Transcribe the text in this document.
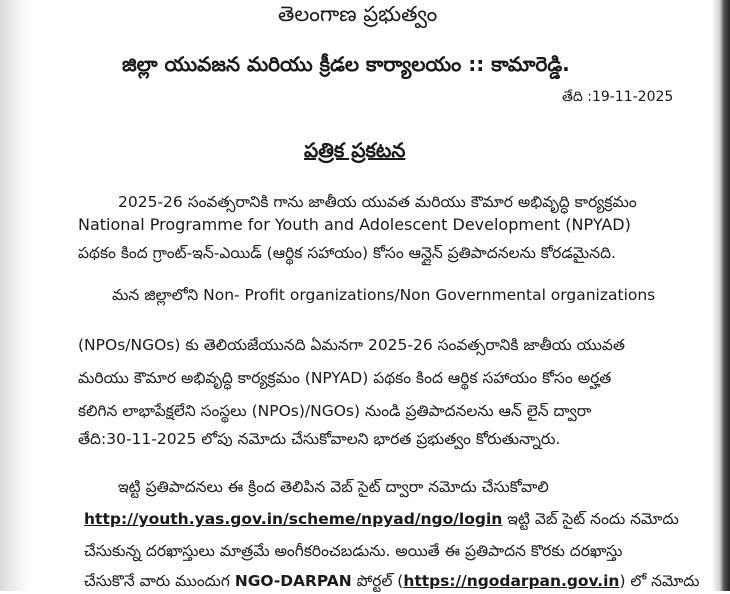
తెలంగాణ ప్రభుత్వం
జిల్లా యువజన మరియు క్రీడల కార్యాలయం :: కామారెడ్డి.
తేది :19-11-2025
పత్రిక ప్రకటన
2025-26 సంవత్సరానికి గాను జాతీయ యువత మరియు కౌమార అభివృద్ధి కార్యక్రమం
National Programme for Youth and Adolescent Development (NPYAD)
పథకం కింద గ్రాంట్-ఇన్-ఎయిడ్ (ఆర్థిక సహాయం) కోసం ఆన్లైన్ ప్రతిపాదనలను కోరడమైనది.
మన జిల్లాలోని Non- Profit organizations/Non Governmental organizations
(NPOs/NGOs) కు తెలియజేయునది ఏమనగా 2025-26 సంవత్సరానికి జాతీయ యువత
మరియు కౌమార అభివృద్ధి కార్యక్రమం (NPYAD) పథకం కింద ఆర్థిక సహాయం కోసం అర్హత
కలిగిన లాభాపేక్షలేని సంస్థలు (NPOs)/NGOs) నుండి ప్రతిపాదనలను ఆన్ లైన్ ద్వారా
తేది:30-11-2025 లోపు నమోదు చేసుకోవాలని భారత ప్రభుత్వం కోరుతున్నారు.
ఇట్టి ప్రతిపాదనలు ఈ క్రింద తెలిపిన వెబ్ సైట్ ద్వారా నమోదు చేసుకోవాలి
http://youth.yas.gov.in/scheme/npyad/ngo/login ఇట్టి వెబ్ సైట్ నందు నమోదు
చేసుకున్న దరఖాస్తులు మాత్రమే అంగీకరించబడును. అయితే ఈ ప్రతిపాదన కొరకు దరఖాస్తు
చేసుకొనే వారు ముందుగ NGO-DARPAN పోర్టల్ (https://ngodarpan.gov.in) లో నమోదు
